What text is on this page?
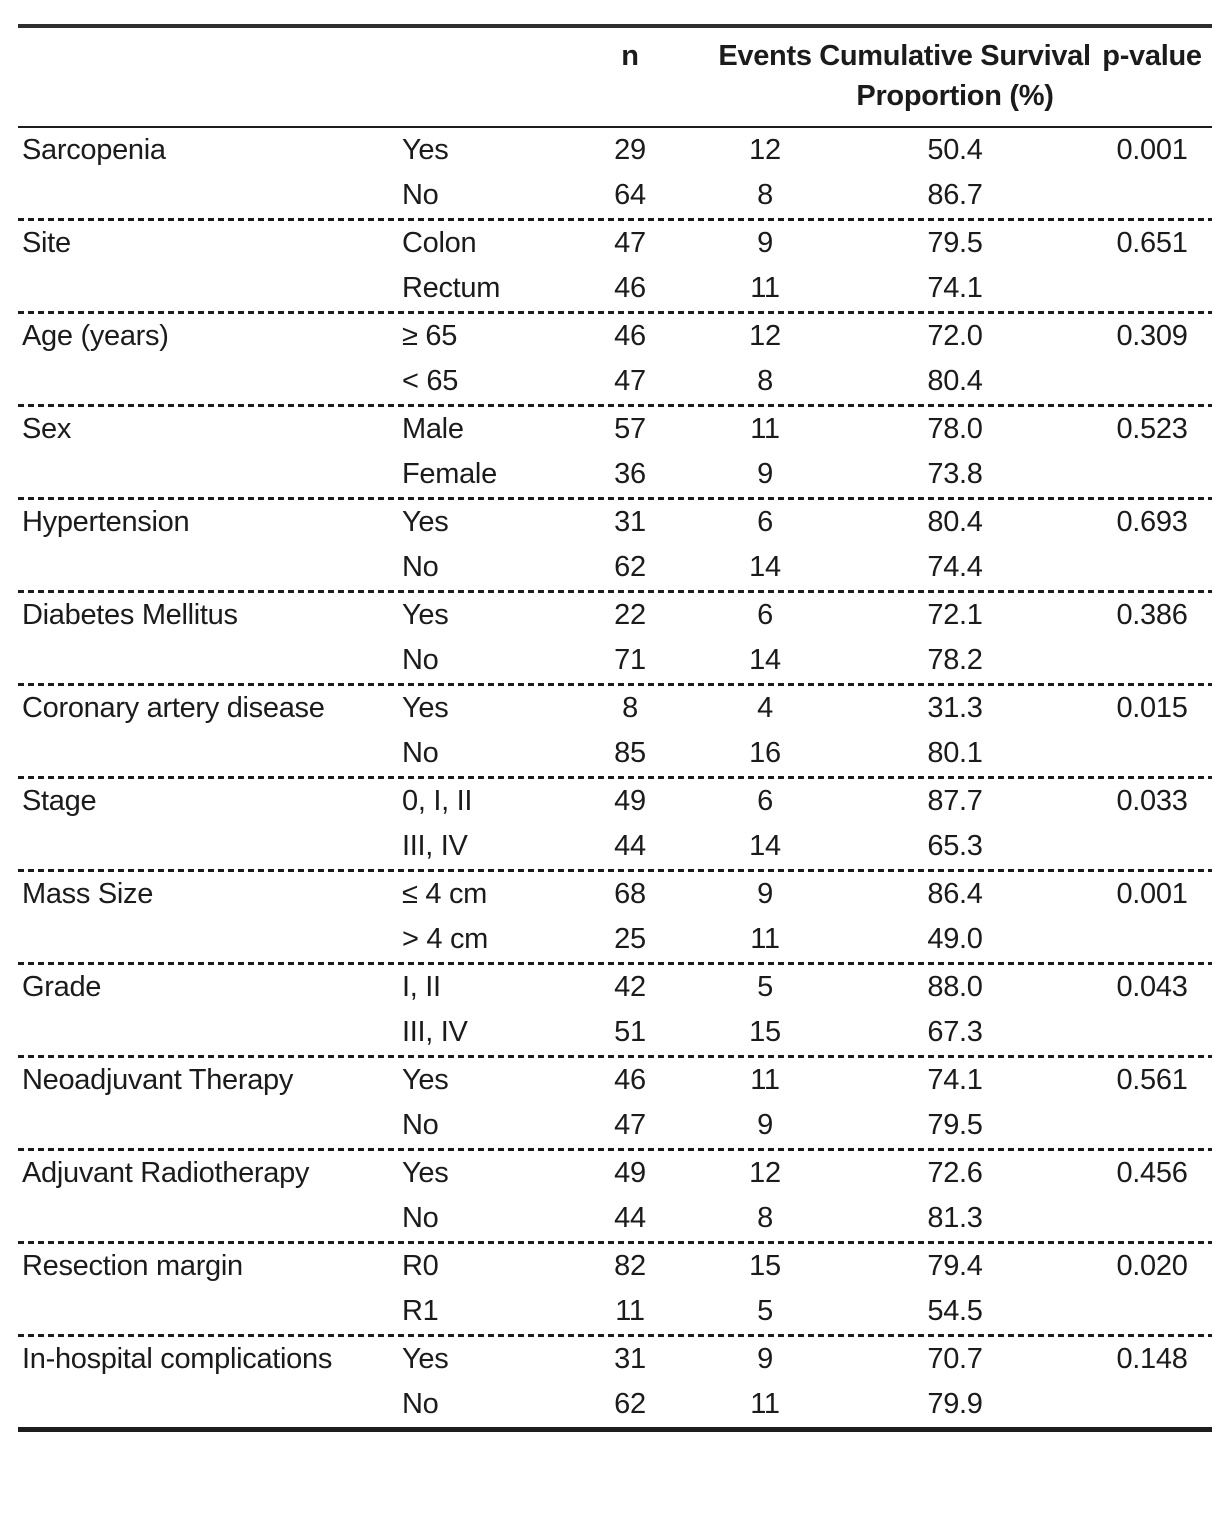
		n	Events	Cumulative Survival Proportion (%)	p-value
Sarcopenia	Yes	29	12	50.4	0.001
	No	64	8	86.7	

Site	Colon	47	9	79.5	0.651
	Rectum	46	11	74.1	

Age (years)	≥ 65	46	12	72.0	0.309
	< 65	47	8	80.4	

Sex	Male	57	11	78.0	0.523
	Female	36	9	73.8	

Hypertension	Yes	31	6	80.4	0.693
	No	62	14	74.4	

Diabetes Mellitus	Yes	22	6	72.1	0.386
	No	71	14	78.2	

Coronary artery disease	Yes	8	4	31.3	0.015
	No	85	16	80.1	

Stage	0, I, II	49	6	87.7	0.033
	III, IV	44	14	65.3	

Mass Size	≤ 4 cm	68	9	86.4	0.001
	> 4 cm	25	11	49.0	

Grade	I, II	42	5	88.0	0.043
	III, IV	51	15	67.3	

Neoadjuvant Therapy	Yes	46	11	74.1	0.561
	No	47	9	79.5	

Adjuvant Radiotherapy	Yes	49	12	72.6	0.456
	No	44	8	81.3	

Resection margin	R0	82	15	79.4	0.020
	R1	11	5	54.5	

In-hospital complications	Yes	31	9	70.7	0.148
	No	62	11	79.9	
